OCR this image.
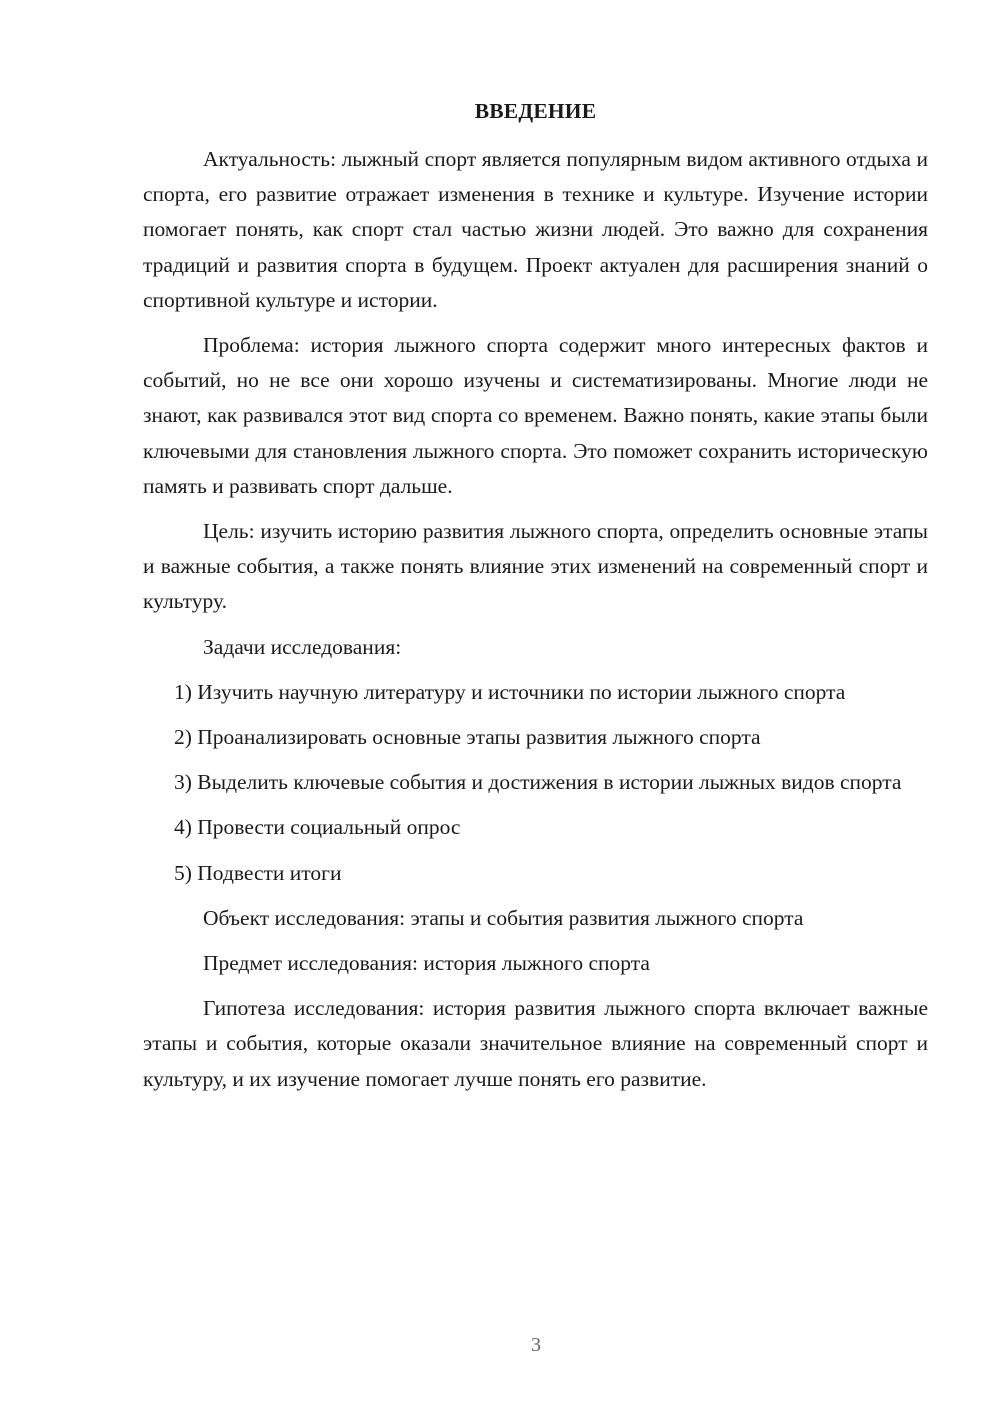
ВВЕДЕНИЕ

Актуальность: лыжный спорт является популярным видом активного отдыха и спорта, его развитие отражает изменения в технике и культуре. Изучение истории помогает понять, как спорт стал частью жизни людей. Это важно для сохранения традиций и развития спорта в будущем. Проект актуален для расширения знаний о спортивной культуре и истории.

Проблема: история лыжного спорта содержит много интересных фактов и событий, но не все они хорошо изучены и систематизированы. Многие люди не знают, как развивался этот вид спорта со временем. Важно понять, какие этапы были ключевыми для становления лыжного спорта. Это поможет сохранить историческую память и развивать спорт дальше.

Цель: изучить историю развития лыжного спорта, определить основные этапы и важные события, а также понять влияние этих изменений на современный спорт и культуру.

Задачи исследования:

1) Изучить научную литературу и источники по истории лыжного спорта

2) Проанализировать основные этапы развития лыжного спорта

3) Выделить ключевые события и достижения в истории лыжных видов спорта

4) Провести социальный опрос

5) Подвести итоги

Объект исследования: этапы и события развития лыжного спорта

Предмет исследования: история лыжного спорта

Гипотеза исследования: история развития лыжного спорта включает важные этапы и события, которые оказали значительное влияние на современный спорт и культуру, и их изучение помогает лучше понять его развитие.

3
